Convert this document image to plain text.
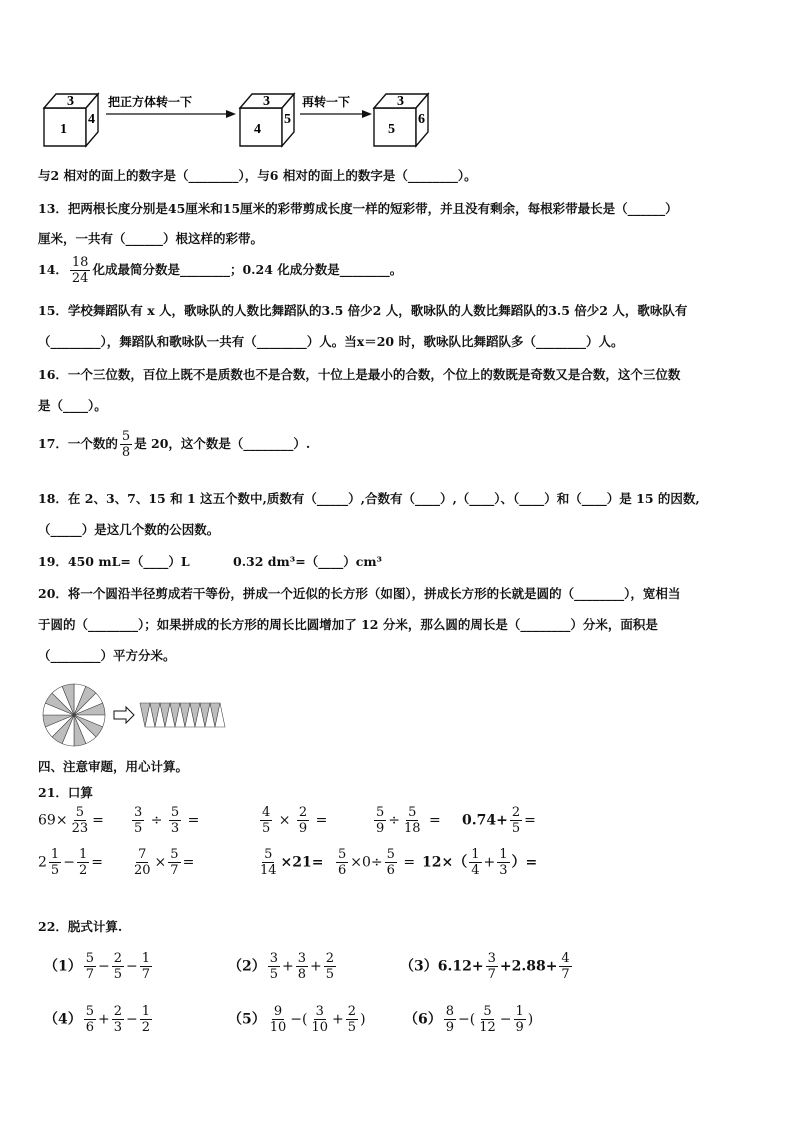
3
1
4
把正方体转一下	3
4
5
再转一下	3
5
6
与2 相对的面上的数字是（________），与6 相对的面上的数字是（________）。
13．把两根长度分别是45厘米和15厘米的彩带剪成长度一样的短彩带，并且没有剩余，每根彩带最长是（______）
厘米，一共有（______）根这样的彩带。
14． $\frac{18}{24}$ 化成最简分数是________；0.24 化成分数是________。
15．学校舞蹈队有 x 人，歌咏队的人数比舞蹈队的3.5 倍少2 人，歌咏队的人数比舞蹈队的3.5 倍少2 人，歌咏队有
（________），舞蹈队和歌咏队一共有（________）人。当x＝20 时，歌咏队比舞蹈队多（________）人。
16．一个三位数，百位上既不是质数也不是合数，十位上是最小的合数，个位上的数既是奇数又是合数，这个三位数
是（____）。
17．一个数的 $\frac{5}{8}$ 是 20，这个数是（________）.
18．在 2、3、7、15 和 1 这五个数中,质数有（_____）,合数有（____）,（____）、（____）和（____）是 15 的因数,
（_____）是这几个数的公因数。
19．450 mL=（____）L	0.32 dm³=（____）cm³
20．将一个圆沿半径剪成若干等份，拼成一个近似的长方形（如图），拼成长方形的长就是圆的（________），宽相当
于圆的（________）；如果拼成的长方形的周长比圆增加了 12 分米，那么圆的周长是（________）分米，面积是
（________）平方分米。
四、注意审题，用心计算。
21．口算
$69\times \frac{5}{23} = \frac{3}{5} \div \frac{5}{3}$ =	$\frac{4}{5} \times \frac{2}{9}$ =	$\frac{5}{9} \div \frac{5}{18} = 0.74+ \frac{2}{5}$ =
$2 \frac{1}{5} - \frac{1}{2} = \frac{7}{20} \times \frac{5}{7}$ =	$\frac{5}{14} \times 21= \frac{5}{6} \times 0\div \frac{5}{6} = 12\times( \frac{1}{4} + \frac{1}{3}$ ）=
22．脱式计算.
$(1) \frac{5}{7} - \frac{2}{5} - \frac{1}{7}$	$(2) \frac{3}{5} + \frac{3}{8} + \frac{2}{5}$	$(3)6.12+ \frac{3}{7} +2.88+ \frac{4}{7}$
$(4) \frac{5}{6} + \frac{2}{3} - \frac{1}{2}$	$(5) \frac{9}{10}$ −( $\frac{3}{10} + \frac{2}{5}$ )	$(6) \frac{8}{9}$ −( $\frac{5}{12} - \frac{1}{9}$ )
